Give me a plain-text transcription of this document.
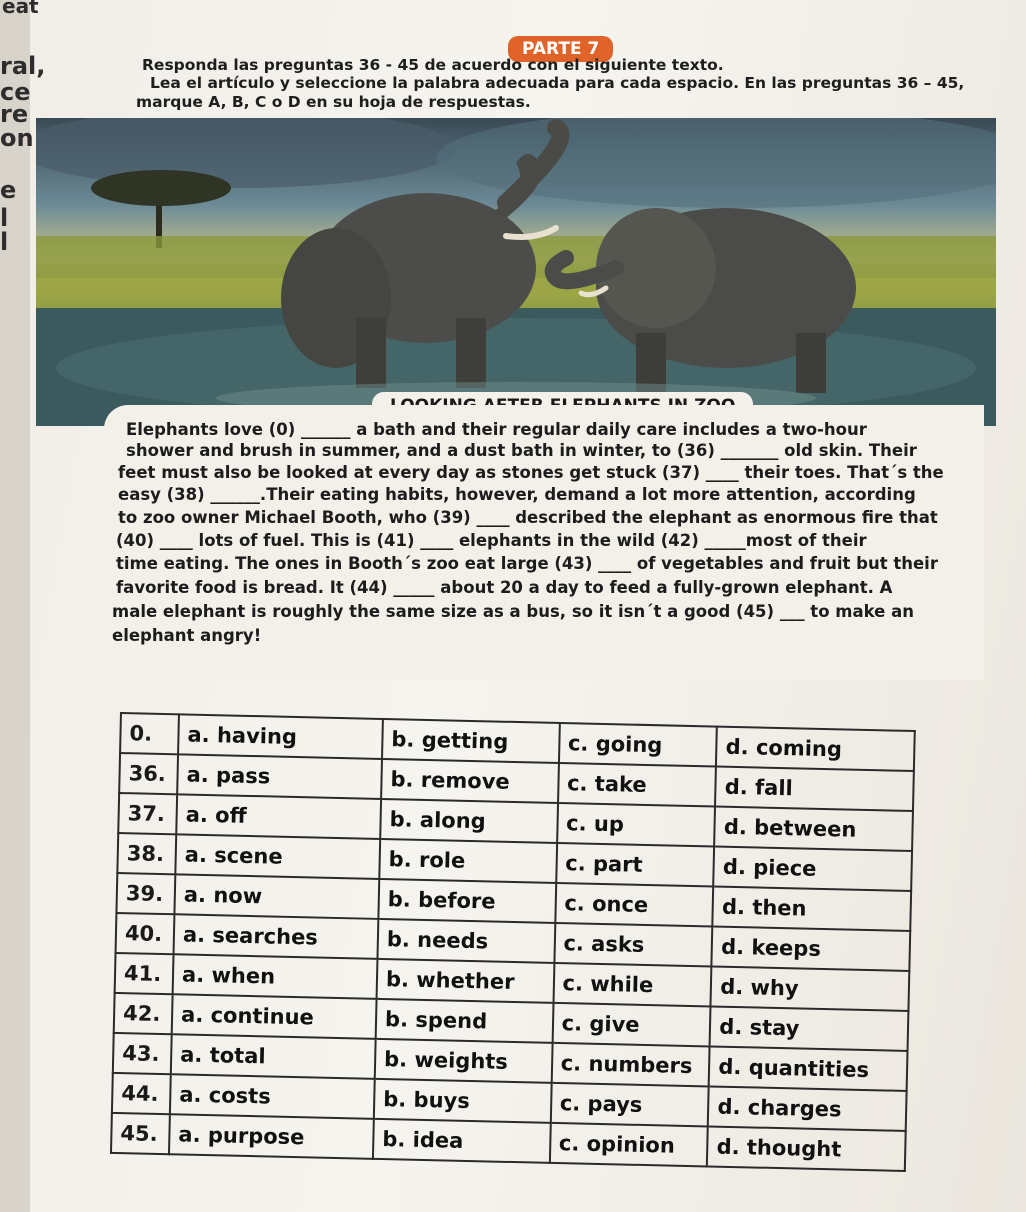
eat
ral,
ce
re
on
e
l
l
PARTE 7
Responda las preguntas 36 - 45 de acuerdo con el siguiente texto.
Lea el artículo y seleccione la palabra adecuada para cada espacio. En las preguntas 36 – 45,
marque A, B, C o D en su hoja de respuestas.
Elephants love (0) ______ a bath and their regular daily care includes a two-hour
shower and brush in summer, and a dust bath in winter, to (36) _______ old skin. Their
feet must also be looked at every day as stones get stuck (37) ____ their toes. That´s the
easy (38) ______.Their eating habits, however, demand a lot more attention, according
to zoo owner Michael Booth, who (39) ____ described the elephant as enormous fire that
(40) ____ lots of fuel. This is (41) ____ elephants in the wild (42) _____most of their
time eating. The ones in Booth´s zoo eat large (43) ____ of vegetables and fruit but their
favorite food is bread. It (44) _____ about 20 a day to feed a fully-grown elephant. A
male elephant is roughly the same size as a bus, so it isn´t a good (45) ___ to make an
elephant angry!
0.	a. having	b. getting	c. going	d. coming
36.	a. pass	b. remove	c. take	d. fall
37.	a. off	b. along	c. up	d. between
38.	a. scene	b. role	c. part	d. piece
39.	a. now	b. before	c. once	d. then
40.	a. searches	b. needs	c. asks	d. keeps
41.	a. when	b. whether	c. while	d. why
42.	a. continue	b. spend	c. give	d. stay
43.	a. total	b. weights	c. numbers	d. quantities
44.	a. costs	b. buys	c. pays	d. charges
45.	a. purpose	b. idea	c. opinion	d. thought
